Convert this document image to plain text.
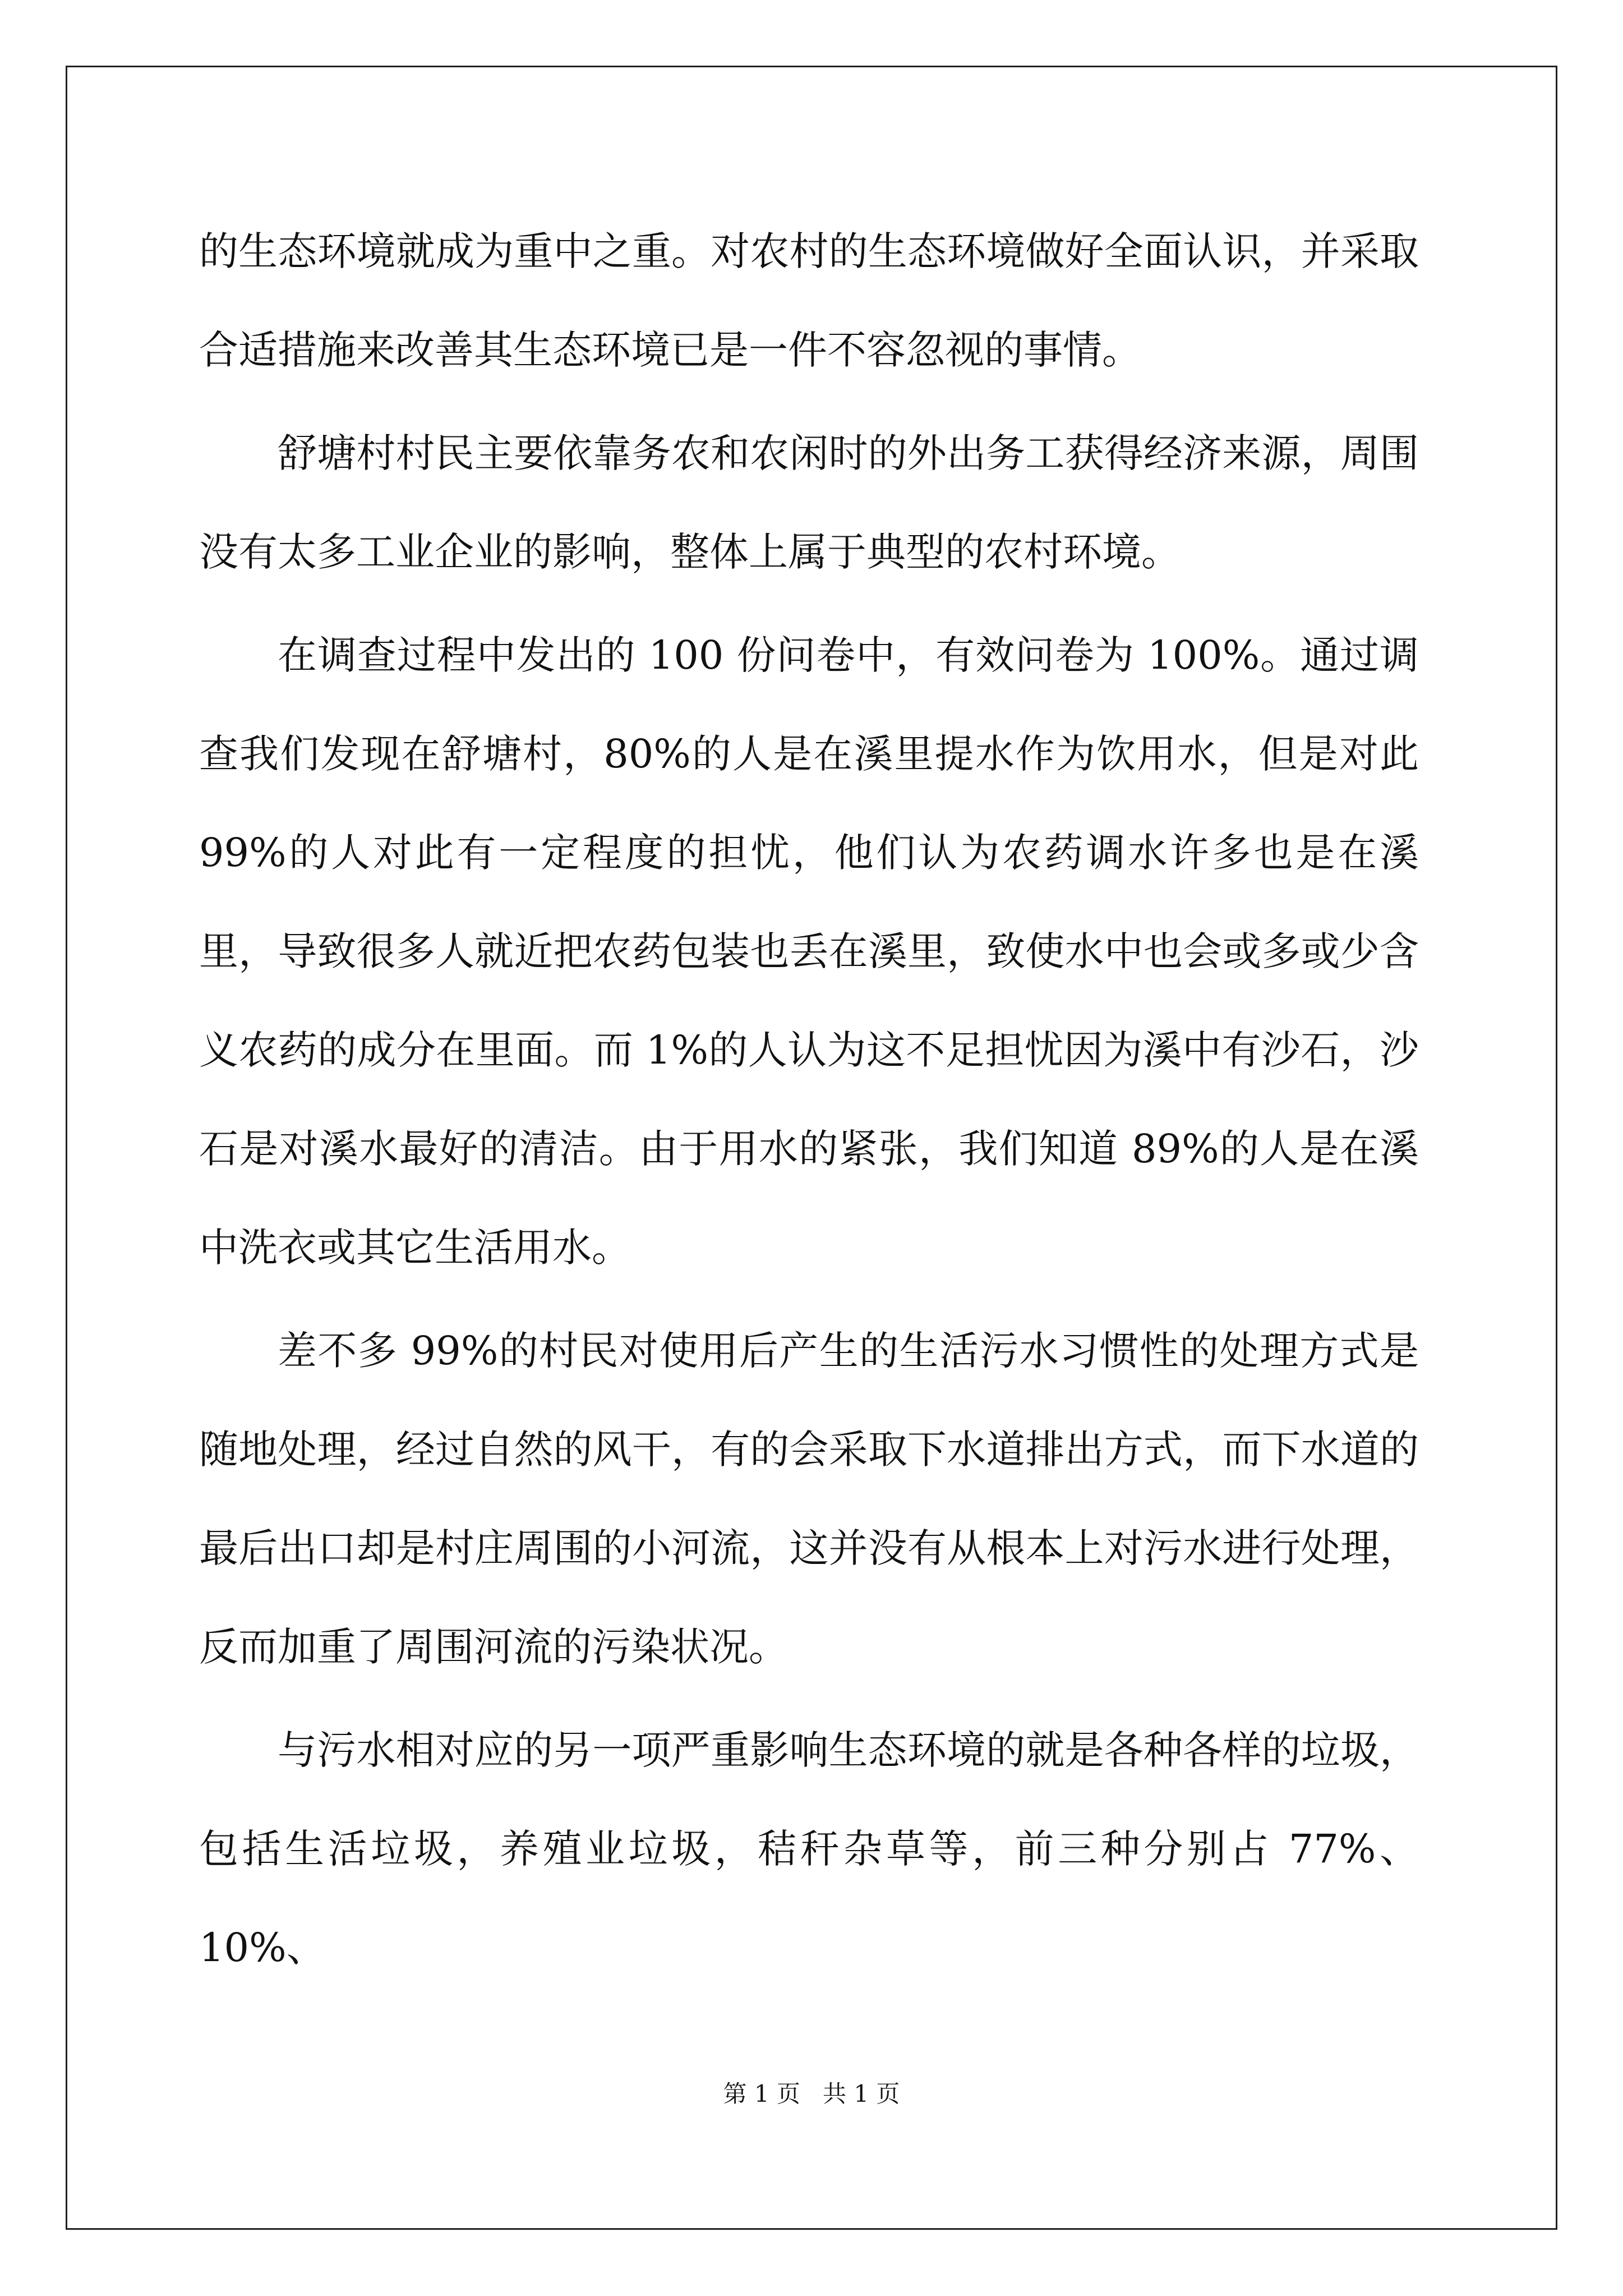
的生态环境就成为重中之重。对农村的生态环境做好全面认识，并采取合适措施来改善其生态环境已是一件不容忽视的事情。

舒塘村村民主要依靠务农和农闲时的外出务工获得经济来源，周围没有太多工业企业的影响，整体上属于典型的农村环境。

在调查过程中发出的 100 份问卷中，有效问卷为 100%。通过调查我们发现在舒塘村，80%的人是在溪里提水作为饮用水，但是对此 99%的人对此有一定程度的担忧，他们认为农药调水许多也是在溪里，导致很多人就近把农药包装也丢在溪里，致使水中也会或多或少含义农药的成分在里面。而 1%的人认为这不足担忧因为溪中有沙石，沙石是对溪水最好的清洁。由于用水的紧张，我们知道 89%的人是在溪中洗衣或其它生活用水。

差不多 99%的村民对使用后产生的生活污水习惯性的处理方式是随地处理，经过自然的风干，有的会采取下水道排出方式，而下水道的最后出口却是村庄周围的小河流，这并没有从根本上对污水进行处理，反而加重了周围河流的污染状况。

与污水相对应的另一项严重影响生态环境的就是各种各样的垃圾，包括生活垃圾，养殖业垃圾，秸秆杂草等，前三种分别占 77%、10%、

第 1 页 共 1 页
